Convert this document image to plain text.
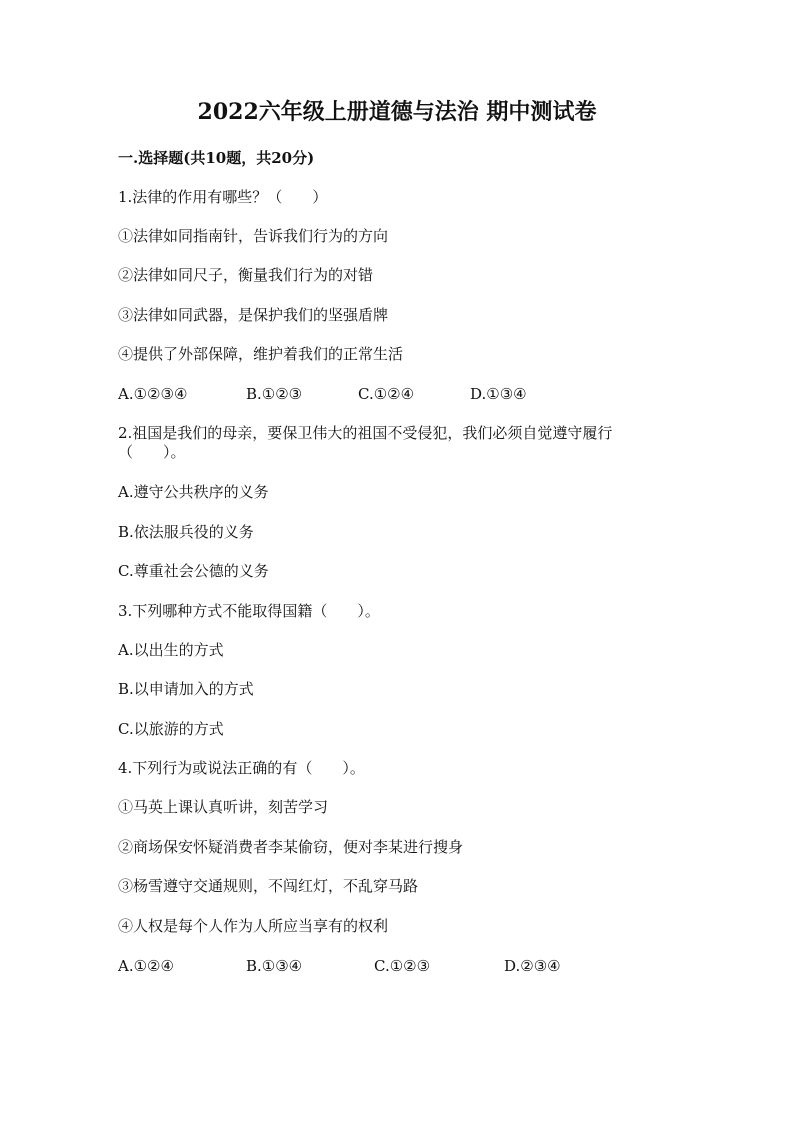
2022六年级上册道德与法治 期中测试卷
一.选择题(共10题，共20分)
1.法律的作用有哪些？（　　）
①法律如同指南针，告诉我们行为的方向
②法律如同尺子，衡量我们行为的对错
③法律如同武器，是保护我们的坚强盾牌
④提供了外部保障，维护着我们的正常生活
A.①②③④	B.①②③	C.①②④	D.①③④
2.祖国是我们的母亲，要保卫伟大的祖国不受侵犯，我们必须自觉遵守履行
（　　）。
A.遵守公共秩序的义务
B.依法服兵役的义务
C.尊重社会公德的义务
3.下列哪种方式不能取得国籍（　　）。
A.以出生的方式
B.以申请加入的方式
C.以旅游的方式
4.下列行为或说法正确的有（　　）。
①马英上课认真听讲，刻苦学习
②商场保安怀疑消费者李某偷窃，便对李某进行搜身
③杨雪遵守交通规则，不闯红灯，不乱穿马路
④人权是每个人作为人所应当享有的权利
A.①②④	B.①③④	C.①②③	D.②③④
